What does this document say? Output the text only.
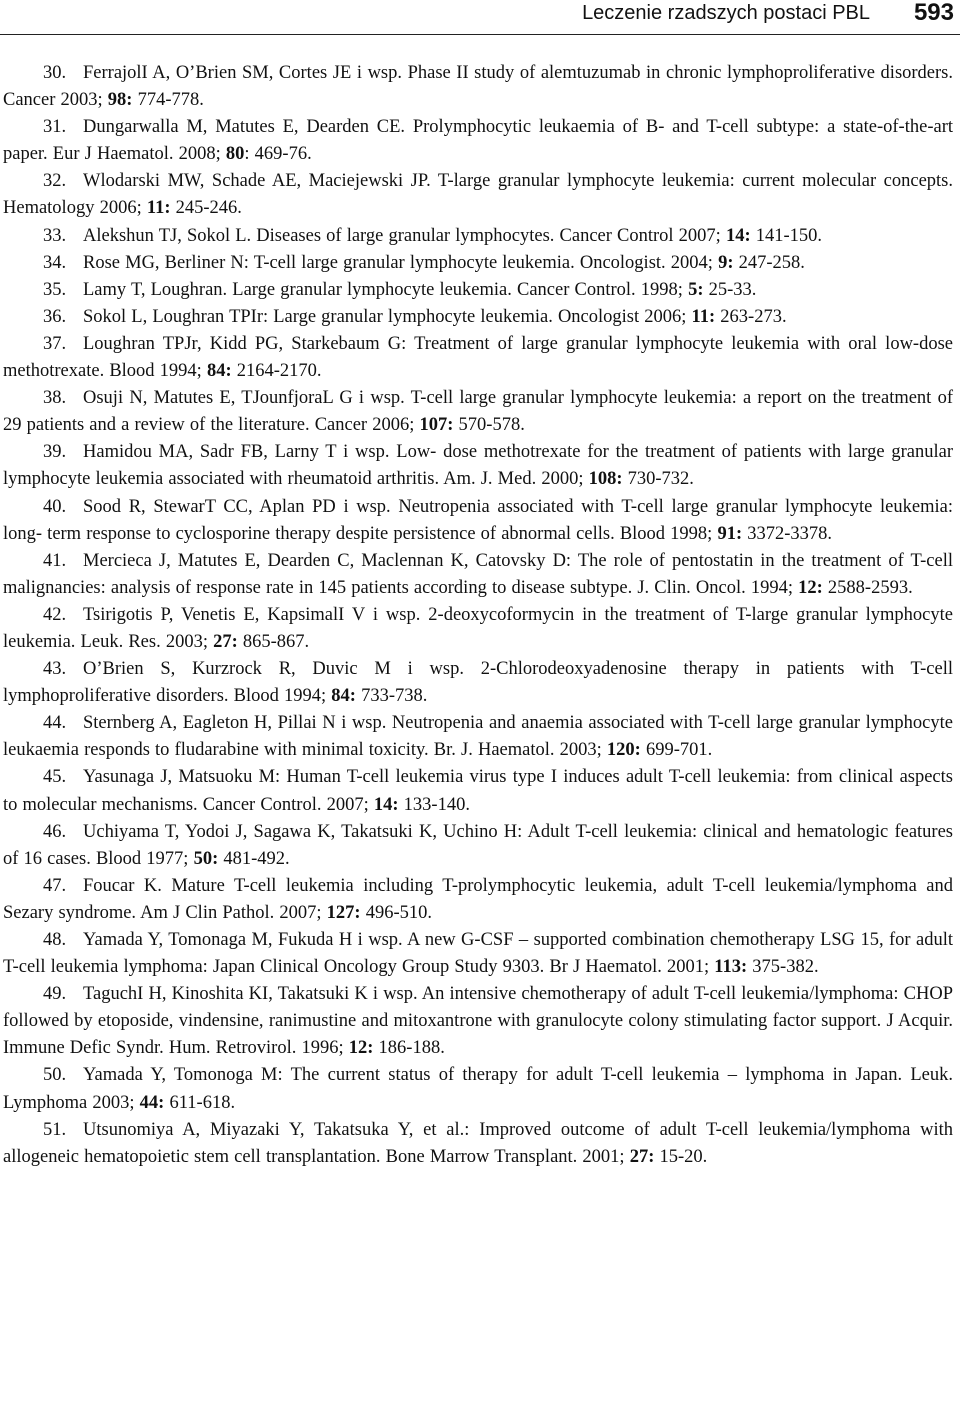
Leczenie rzadszych postaci PBL 593

30. FerrajolI A, O’Brien SM, Cortes JE i wsp. Phase II study of alemtuzumab in chronic lymphoproliferative disorders. Cancer 2003; 98: 774-778.

31. Dungarwalla M, Matutes E, Dearden CE. Prolymphocytic leukaemia of B- and T-cell subtype: a state-of-the-art paper. Eur J Haematol. 2008; 80: 469-76.

32. Wlodarski MW, Schade AE, Maciejewski JP. T-large granular lymphocyte leukemia: current molecular concepts. Hematology 2006; 11: 245-246.

33. Alekshun TJ, Sokol L. Diseases of large granular lymphocytes. Cancer Control 2007; 14: 141-150.

34. Rose MG, Berliner N: T-cell large granular lymphocyte leukemia. Oncologist. 2004; 9: 247-258.

35. Lamy T, Loughran. Large granular lymphocyte leukemia. Cancer Control. 1998; 5: 25-33.

36. Sokol L, Loughran TPIr: Large granular lymphocyte leukemia. Oncologist 2006; 11: 263-273.

37. Loughran TPJr, Kidd PG, Starkebaum G: Treatment of large granular lymphocyte leukemia with oral low-dose methotrexate. Blood 1994; 84: 2164-2170.

38. Osuji N, Matutes E, TJounfjoraL G i wsp. T-cell large granular lymphocyte leukemia: a report on the treatment of 29 patients and a review of the literature. Cancer 2006; 107: 570-578.

39. Hamidou MA, Sadr FB, Larny T i wsp. Low- dose methotrexate for the treatment of patients with large granular lymphocyte leukemia associated with rheumatoid arthritis. Am. J. Med. 2000; 108: 730-732.

40. Sood R, StewarT CC, Aplan PD i wsp. Neutropenia associated with T-cell large granular lymphocyte leukemia: long- term response to cyclosporine therapy despite persistence of abnormal cells. Blood 1998; 91: 3372-3378.

41. Mercieca J, Matutes E, Dearden C, Maclennan K, Catovsky D: The role of pentostatin in the treatment of T-cell malignancies: analysis of response rate in 145 patients according to disease subtype. J. Clin. Oncol. 1994; 12: 2588-2593.

42. Tsirigotis P, Venetis E, KapsimalI V i wsp. 2-deoxycoformycin in the treatment of T-large granular lymphocyte leukemia. Leuk. Res. 2003; 27: 865-867.

43. O’Brien S, Kurzrock R, Duvic M i wsp. 2-Chlorodeoxyadenosine therapy in patients with T-cell lymphoproliferative disorders. Blood 1994; 84: 733-738.

44. Sternberg A, Eagleton H, Pillai N i wsp. Neutropenia and anaemia associated with T-cell large granular lymphocyte leukaemia responds to fludarabine with minimal toxicity. Br. J. Haematol. 2003; 120: 699-701.

45. Yasunaga J, Matsuoku M: Human T-cell leukemia virus type I induces adult T-cell leukemia: from clinical aspects to molecular mechanisms. Cancer Control. 2007; 14: 133-140.

46. Uchiyama T, Yodoi J, Sagawa K, Takatsuki K, Uchino H: Adult T-cell leukemia: clinical and hematologic features of 16 cases. Blood 1977; 50: 481-492.

47. Foucar K. Mature T-cell leukemia including T-prolymphocytic leukemia, adult T-cell leukemia/lymphoma and Sezary syndrome. Am J Clin Pathol. 2007; 127: 496-510.

48. Yamada Y, Tomonaga M, Fukuda H i wsp. A new G-CSF – supported combination chemotherapy LSG 15, for adult T-cell leukemia lymphoma: Japan Clinical Oncology Group Study 9303. Br J Haematol. 2001; 113: 375-382.

49. TaguchI H, Kinoshita KI, Takatsuki K i wsp. An intensive chemotherapy of adult T-cell leukemia/lymphoma: CHOP followed by etoposide, vindensine, ranimustine and mitoxantrone with granulocyte colony stimulating factor support. J Acquir. Immune Defic Syndr. Hum. Retrovirol. 1996; 12: 186-188.

50. Yamada Y, Tomonoga M: The current status of therapy for adult T-cell leukemia – lymphoma in Japan. Leuk. Lymphoma 2003; 44: 611-618.

51. Utsunomiya A, Miyazaki Y, Takatsuka Y, et al.: Improved outcome of adult T-cell leukemia/lymphoma with allogeneic hematopoietic stem cell transplantation. Bone Marrow Transplant. 2001; 27: 15-20.
